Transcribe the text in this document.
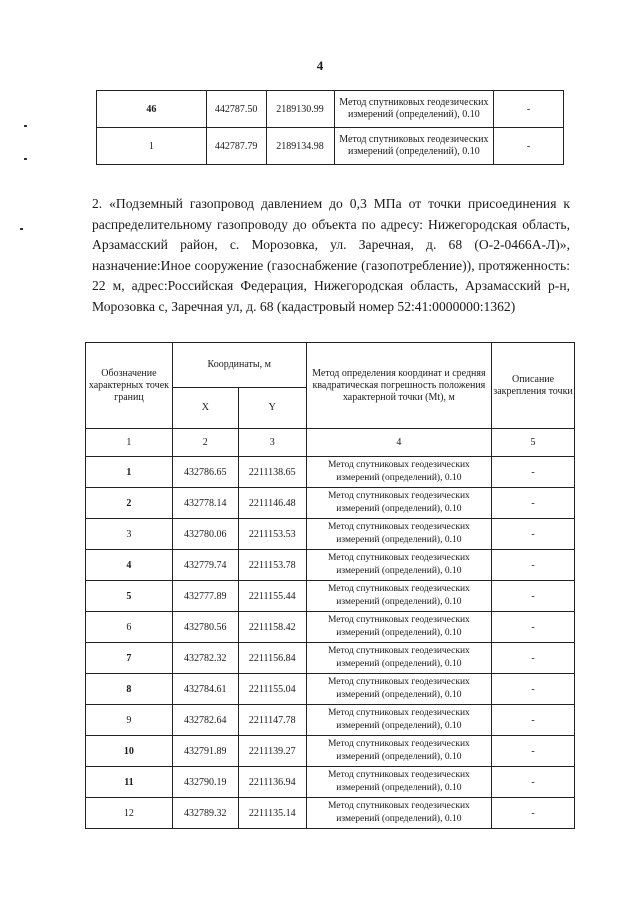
4
46	442787.50	2189130.99	Метод спутниковых геодезических измерений (определений), 0.10	-
1	442787.79	2189134.98	Метод спутниковых геодезических измерений (определений), 0.10	-
2. «Подземный газопровод давлением до 0,3 МПа от точки присоединения к распределительному газопроводу до объекта по адресу: Нижегородская область, Арзамасский район, с. Морозовка, ул. Заречная, д. 68 (О-2-0466А-Л)», назначение:Иное сооружение (газоснабжение (газопотребление)), протяженность: 22 м, адрес:Российская Федерация, Нижегородская область, Арзамасский р-н, Морозовка с, Заречная ул, д. 68 (кадастровый номер 52:41:0000000:1362)
Обозначение характерных точек границ	Координаты, м		Метод определения координат и средняя квадратическая погрешность положения характерной точки (Mt), м	Описание закрепления точки
	X	Y		
1	2	3	4	5
1	432786.65	2211138.65	Метод спутниковых геодезических измерений (определений), 0.10	-
2	432778.14	2211146.48	Метод спутниковых геодезических измерений (определений), 0.10	-
3	432780.06	2211153.53	Метод спутниковых геодезических измерений (определений), 0.10	-
4	432779.74	2211153.78	Метод спутниковых геодезических измерений (определений), 0.10	-
5	432777.89	2211155.44	Метод спутниковых геодезических измерений (определений), 0.10	-
6	432780.56	2211158.42	Метод спутниковых геодезических измерений (определений), 0.10	-
7	432782.32	2211156.84	Метод спутниковых геодезических измерений (определений), 0.10	-
8	432784.61	2211155.04	Метод спутниковых геодезических измерений (определений), 0.10	-
9	432782.64	2211147.78	Метод спутниковых геодезических измерений (определений), 0.10	-
10	432791.89	2211139.27	Метод спутниковых геодезических измерений (определений), 0.10	-
11	432790.19	2211136.94	Метод спутниковых геодезических измерений (определений), 0.10	-
12	432789.32	2211135.14	Метод спутниковых геодезических измерений (определений), 0.10	-
